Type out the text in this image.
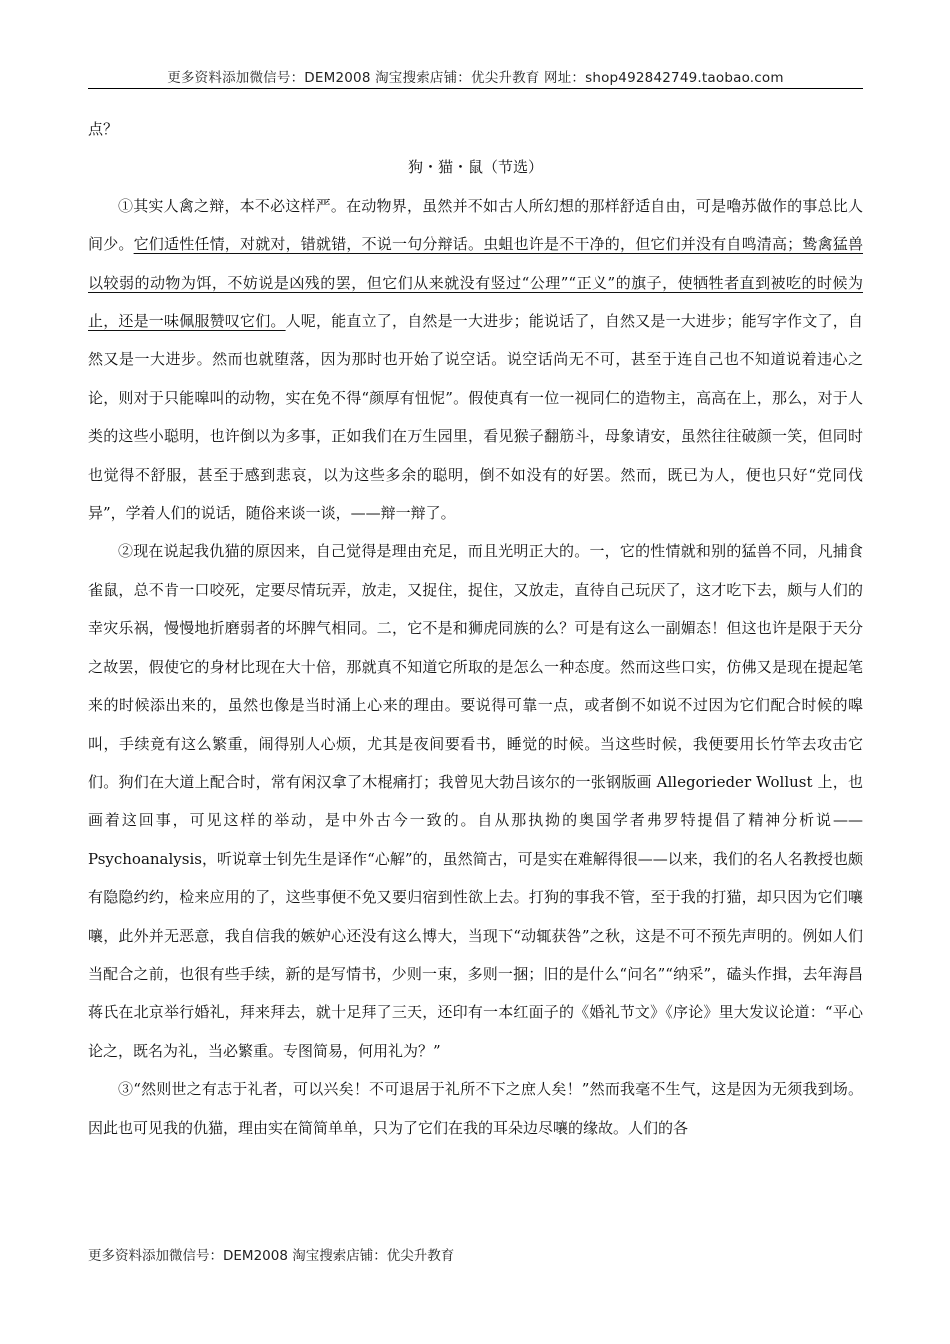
更多资料添加微信号：DEM2008 淘宝搜索店铺：优尖升教育 网址：shop492842749.taobao.com

点？

狗・猫・鼠（节选）

①其实人禽之辩，本不必这样严。在动物界，虽然并不如古人所幻想的那样舒适自由，可是嚕苏做作的事总比人间少。它们适性任情，对就对，错就错，不说一句分辩话。虫蛆也许是不干净的，但它们并没有自鸣清高；鸷禽猛兽以较弱的动物为饵，不妨说是凶残的罢，但它们从来就没有竖过“公理”“正义”的旗子，使牺牲者直到被吃的时候为止，还是一味佩服赞叹它们。人呢，能直立了，自然是一大进步；能说话了，自然又是一大进步；能写字作文了，自然又是一大进步。然而也就堕落，因为那时也开始了说空话。说空话尚无不可，甚至于连自己也不知道说着违心之论，则对于只能嗥叫的动物，实在免不得“颜厚有忸怩”。假使真有一位一视同仁的造物主，高高在上，那么，对于人类的这些小聪明，也许倒以为多事，正如我们在万生园里，看见猴子翻筋斗，母象请安，虽然往往破颜一笑，但同时也觉得不舒服，甚至于感到悲哀，以为这些多余的聪明，倒不如没有的好罢。然而，既已为人，便也只好“党同伐异”，学着人们的说话，随俗来谈一谈，——辩一辩了。

②现在说起我仇猫的原因来，自己觉得是理由充足，而且光明正大的。一，它的性情就和别的猛兽不同，凡捕食雀鼠，总不肯一口咬死，定要尽情玩弄，放走，又捉住，捉住，又放走，直待自己玩厌了，这才吃下去，颇与人们的幸灾乐祸，慢慢地折磨弱者的坏脾气相同。二，它不是和狮虎同族的么？可是有这么一副媚态！但这也许是限于天分之故罢，假使它的身材比现在大十倍，那就真不知道它所取的是怎么一种态度。然而这些口实，仿佛又是现在提起笔来的时候添出来的，虽然也像是当时涌上心来的理由。要说得可靠一点，或者倒不如说不过因为它们配合时候的嗥叫，手续竟有这么繁重，闹得别人心烦，尤其是夜间要看书，睡觉的时候。当这些时候，我便要用长竹竿去攻击它们。狗们在大道上配合时，常有闲汉拿了木棍痛打；我曾见大勃吕该尔的一张钢版画 Allegorieder Wollust 上，也画着这回事，可见这样的举动，是中外古今一致的。自从那执拗的奥国学者弗罗特提倡了精神分析说——Psychoanalysis，听说章士钊先生是译作“心解”的，虽然简古，可是实在难解得很——以来，我们的名人名教授也颇有隐隐约约，检来应用的了，这些事便不免又要归宿到性欲上去。打狗的事我不管，至于我的打猫，却只因为它们嚷嚷，此外并无恶意，我自信我的嫉妒心还没有这么博大，当现下“动辄获咎”之秋，这是不可不预先声明的。例如人们当配合之前，也很有些手续，新的是写情书，少则一束，多则一捆；旧的是什么“问名”“纳采”，磕头作揖，去年海昌蒋氏在北京举行婚礼，拜来拜去，就十足拜了三天，还印有一本红面子的《婚礼节文》《序论》里大发议论道：“平心论之，既名为礼，当必繁重。专图简易，何用礼为？”

③“然则世之有志于礼者，可以兴矣！不可退居于礼所不下之庶人矣！”然而我毫不生气，这是因为无须我到场。因此也可见我的仇猫，理由实在简简单单，只为了它们在我的耳朵边尽嚷的缘故。人们的各

更多资料添加微信号：DEM2008 淘宝搜索店铺：优尖升教育
